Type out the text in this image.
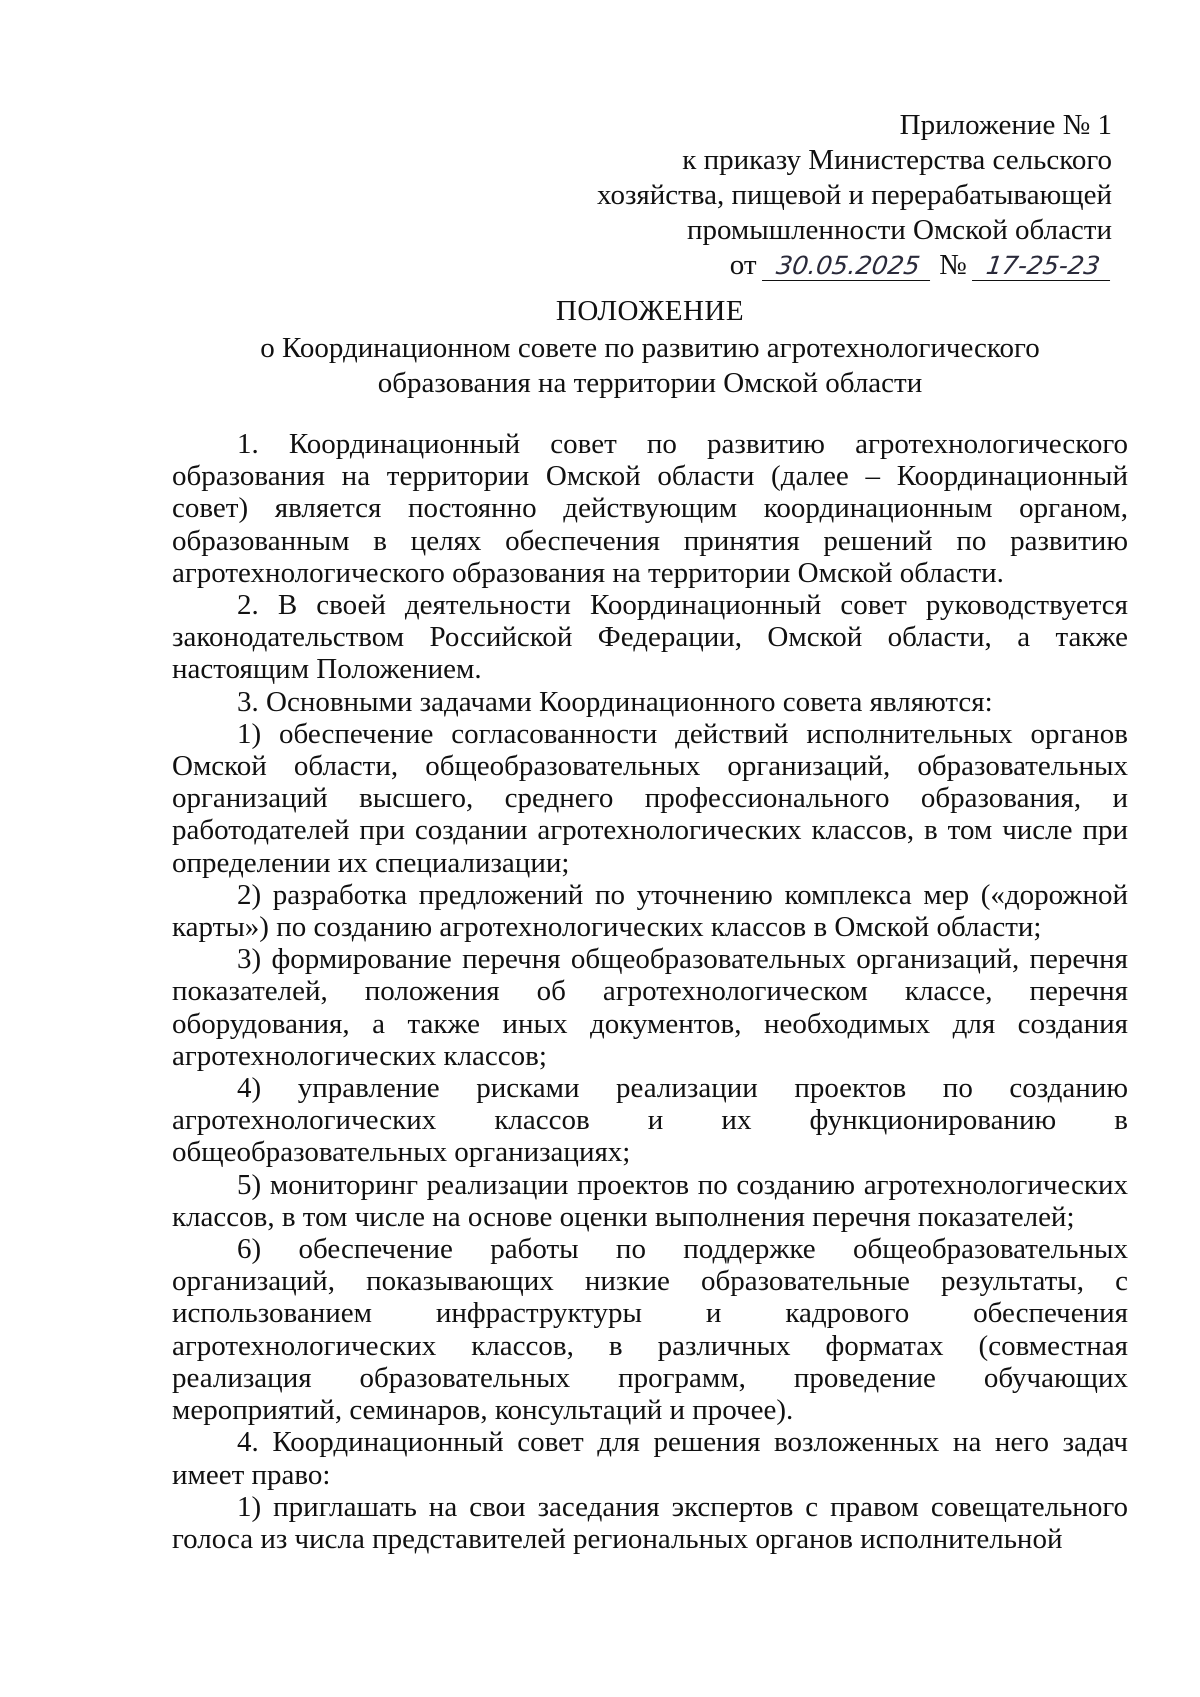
Приложение № 1
к приказу Министерства сельского
хозяйства, пищевой и перерабатывающей
промышленности Омской области
от 30.05.2025 № 17-25-23
ПОЛОЖЕНИЕ
о Координационном совете по развитию агротехнологического
образования на территории Омской области

1. Координационный совет по развитию агротехнологического образования на территории Омской области (далее – Координационный совет) является постоянно действующим координационным органом, образованным в целях обеспечения принятия решений по развитию агротехнологического образования на территории Омской области.

2. В своей деятельности Координационный совет руководствуется законодательством Российской Федерации, Омской области, а также настоящим Положением.

3. Основными задачами Координационного совета являются:

1) обеспечение согласованности действий исполнительных органов Омской области, общеобразовательных организаций, образовательных организаций высшего, среднего профессионального образования, и работодателей при создании агротехнологических классов, в том числе при определении их специализации;

2) разработка предложений по уточнению комплекса мер («дорожной карты») по созданию агротехнологических классов в Омской области;

3) формирование перечня общеобразовательных организаций, перечня показателей, положения об агротехнологическом классе, перечня оборудования, а также иных документов, необходимых для создания агротехнологических классов;

4) управление рисками реализации проектов по созданию агротехнологических классов и их функционированию в общеобразовательных организациях;

5) мониторинг реализации проектов по созданию агротехнологических классов, в том числе на основе оценки выполнения перечня показателей;

6) обеспечение работы по поддержке общеобразовательных организаций, показывающих низкие образовательные результаты, с использованием инфраструктуры и кадрового обеспечения агротехнологических классов, в различных форматах (совместная реализация образовательных программ, проведение обучающих мероприятий, семинаров, консультаций и прочее).

4. Координационный совет для решения возложенных на него задач имеет право:

1) приглашать на свои заседания экспертов с правом совещательного голоса из числа представителей региональных органов исполнительной
